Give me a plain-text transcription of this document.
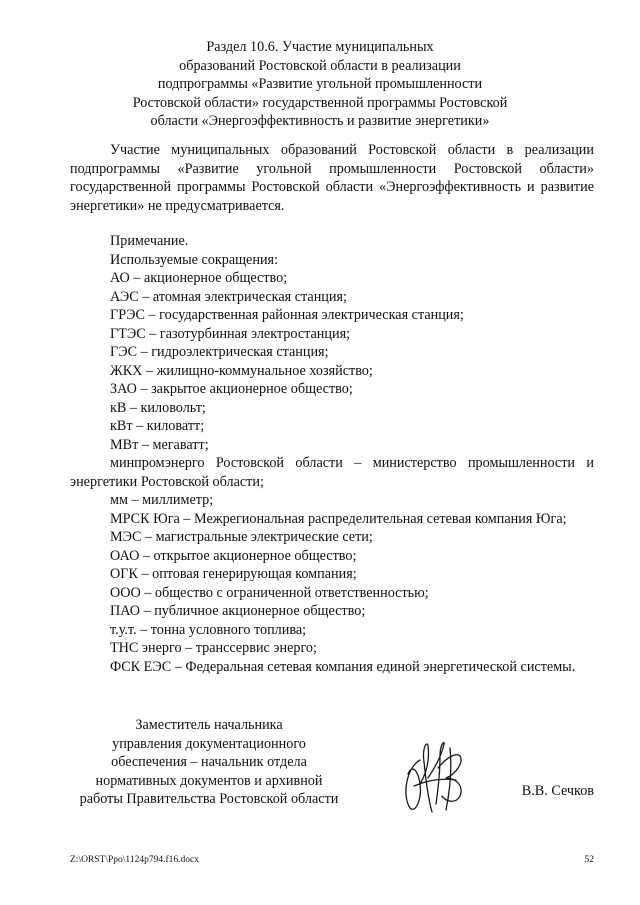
Раздел 10.6. Участие муниципальных
образований Ростовской области в реализации
подпрограммы «Развитие угольной промышленности
Ростовской области» государственной программы Ростовской
области «Энергоэффективность и развитие энергетики»
Участие муниципальных образований Ростовской области в реализации подпрограммы «Развитие угольной промышленности Ростовской области» государственной программы Ростовской области «Энергоэффективность и развитие энергетики» не предусматривается.
Примечание.
Используемые сокращения:
АО – акционерное общество;
АЭС – атомная электрическая станция;
ГРЭС – государственная районная электрическая станция;
ГТЭС – газотурбинная электростанция;
ГЭС – гидроэлектрическая станция;
ЖКХ – жилищно-коммунальное хозяйство;
ЗАО – закрытое акционерное общество;
кВ – киловольт;
кВт – киловатт;
МВт – мегаватт;
минпромэнерго Ростовской области – министерство промышленности и энергетики Ростовской области;
мм – миллиметр;
МРСК Юга – Межрегиональная распределительная сетевая компания Юга;
МЭС – магистральные электрические сети;
ОАО – открытое акционерное общество;
ОГК – оптовая генерирующая компания;
ООО – общество с ограниченной ответственностью;
ПАО – публичное акционерное общество;
т.у.т. – тонна условного топлива;
ТНС энерго – транссервис энерго;
ФСК ЕЭС – Федеральная сетевая компания единой энергетической системы.
Заместитель начальника
управления документационного
обеспечения – начальник отдела
нормативных документов и архивной
работы Правительства Ростовской области
В.В. Сечков
Z:\ORST\Ppo\1124p794.f16.docx	52
